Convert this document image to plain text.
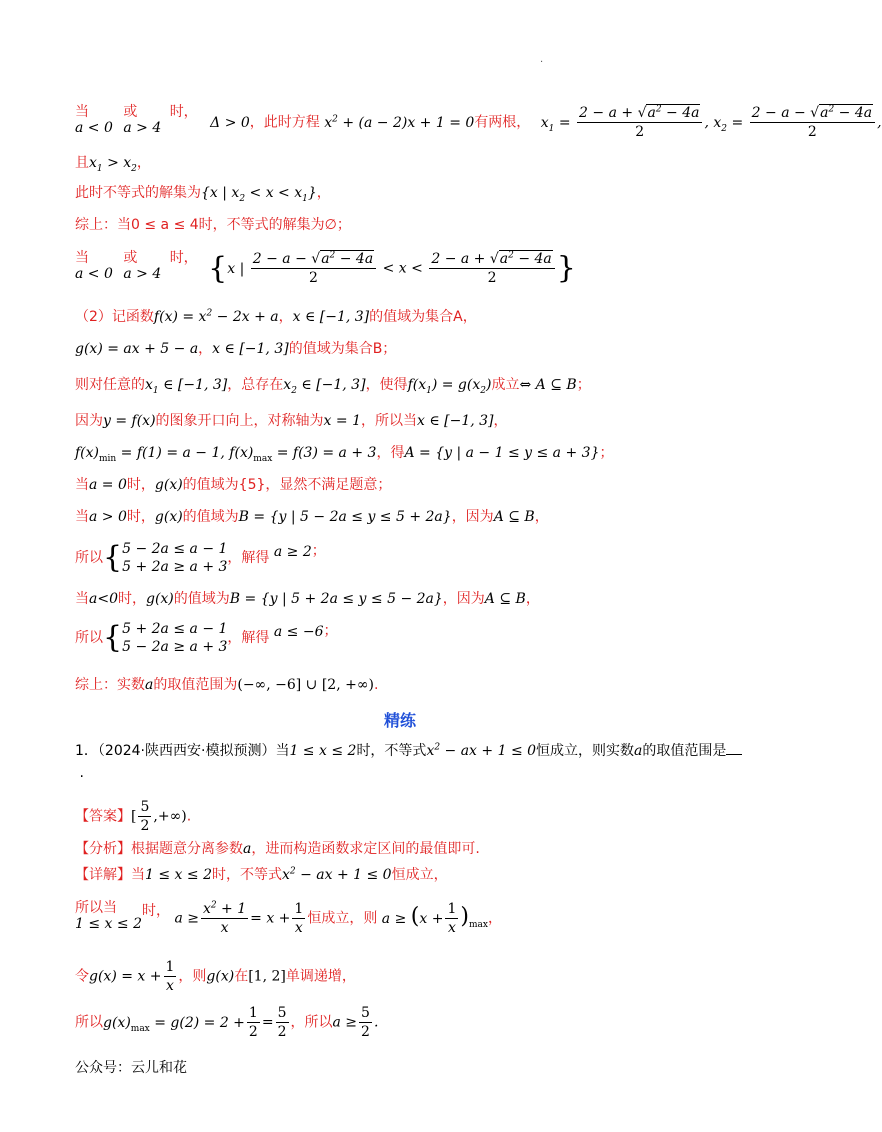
·
当
a < 0

或
a > 4

时，
Δ > 0，此时方程 $x^2 + (a - 2)x + 1 = 0$有两根， $x_1 = \frac{2 - a + √a^2 - 4a}{2}$ , $x_2 = \frac{2 - a - √a^2 - 4a}{2}$ ,
且$x_1 > x_2$，
此时不等式的解集为{x | $x_2 < x < x_1$}，
综上：当0 ≤ a ≤ 4时，不等式的解集为∅；
当
a < 0

或
a > 4

时， {x | $\frac{2 - a - √a^2 - 4a}{2} < x < \frac{2 - a + √a^2 - 4a}{2}$ }
（2）记函数$f(x) = x^2 - 2x + a$，x ∈ [−1, 3]的值域为集合A，
g(x) = ax + 5 − a，x ∈ [−1, 3]的值域为集合B；
则对任意的$x_1$ ∈ [−1, 3]，总存在$x_2$ ∈ [−1, 3]，使得$f(x_1) = g(x_2)$成立⇔ A ⊆ B；
因为y = f(x)的图象开口向上，对称轴为x = 1，所以当x ∈ [−1, 3]，
$f(x)_{min} = f(1) = a - 1$, $f(x)_{max} = f(3) = a + 3$，得A = {y | a − 1 ≤ y ≤ a + 3}；
当a = 0时，g(x)的值域为{5}，显然不满足题意；
当a > 0时，g(x)的值域为B = {y | 5 − 2a ≤ y ≤ 5 + 2a}，因为A ⊆ B，
所以{ 5 − 2a ≤ a − 1
5 + 2a ≥ a + 3
，解得 a ≥ 2 ；
当a<0时，g(x)的值域为B = {y | 5 + 2a ≤ y ≤ 5 − 2a}，因为A ⊆ B，
所以{ 5 + 2a ≤ a − 1
5 − 2a ≥ a + 3
，解得 a ≤ −6 ；
综上：实数a的取值范围为(−∞, −6] ∪ [2, +∞).
精练
1．（2024·陕西西安·模拟预测）当1 ≤ x ≤ 2时，不等式$x^2$ − ax + 1 ≤ 0恒成立，则实数a的取值范围是
.
【答案】[ $\frac{5}{2}$ ,+∞).
【分析】根据题意分离参数a，进而构造函数求定区间的最值即可.
【详解】当1 ≤ x ≤ 2时，不等式$x^2$ − ax + 1 ≤ 0恒成立，
所以当
1 ≤ x ≤ 2
时， $a \ge \frac{x^2 + 1}{x} = x + \frac{1}{x}$ 恒成立，则 $a \ge (x + \frac{1}{x} )_{max}$，
令$g(x) = x + \frac{1}{x}$ ，则g(x)在[1, 2]单调递增，
所以$g(x)_{max} = g(2) = 2 + \frac{1}{2} = \frac{5}{2}$ ，所以$a \ge \frac{5}{2}$ .
公众号：云儿和花
